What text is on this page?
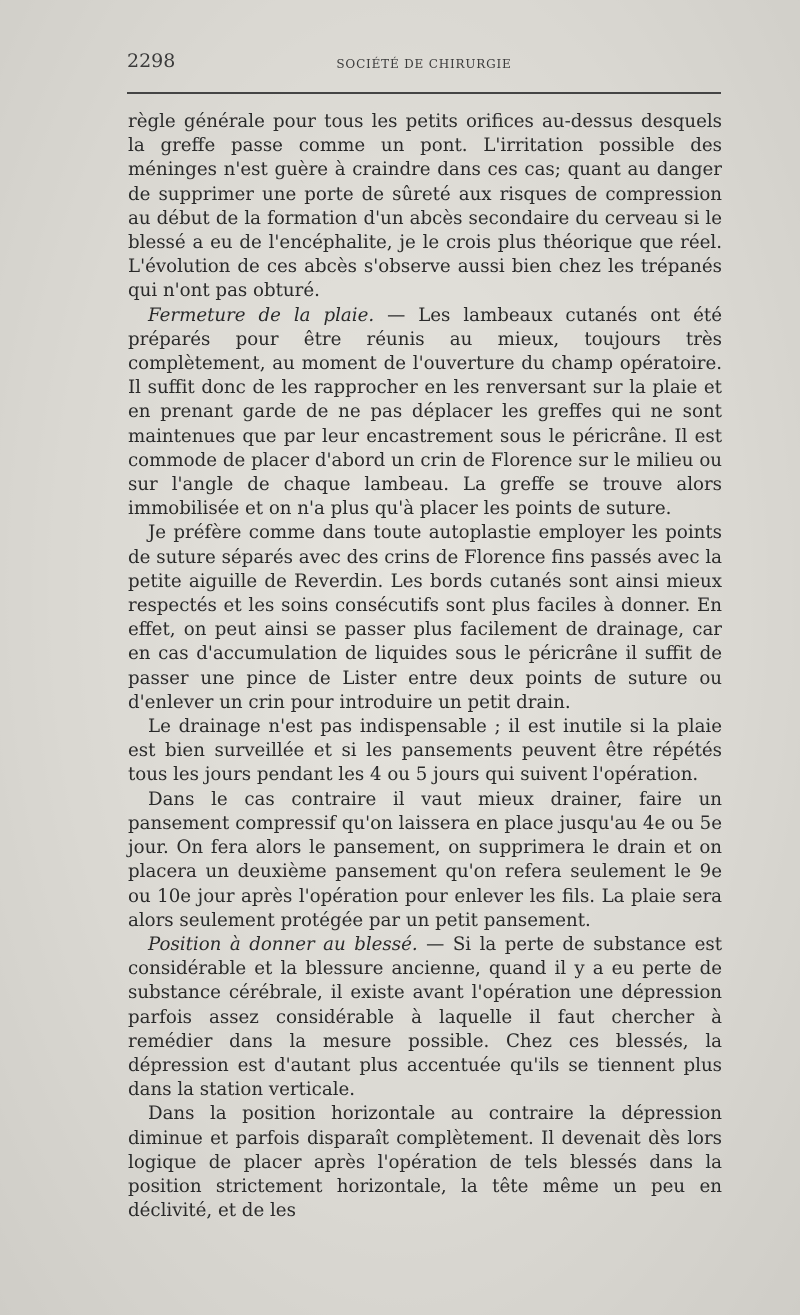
2298	SOCIÉTÉ DE CHIRURGIE

règle générale pour tous les petits orifices au-dessus desquels la greffe passe comme un pont. L'irritation possible des méninges n'est guère à craindre dans ces cas; quant au danger de supprimer une porte de sûreté aux risques de compression au début de la formation d'un abcès secondaire du cerveau si le blessé a eu de l'encéphalite, je le crois plus théorique que réel. L'évolution de ces abcès s'observe aussi bien chez les trépanés qui n'ont pas obturé.

Fermeture de la plaie. — Les lambeaux cutanés ont été préparés pour être réunis au mieux, toujours très complètement, au moment de l'ouverture du champ opératoire. Il suffit donc de les rapprocher en les renversant sur la plaie et en prenant garde de ne pas déplacer les greffes qui ne sont maintenues que par leur encastrement sous le péricrâne. Il est commode de placer d'abord un crin de Florence sur le milieu ou sur l'angle de chaque lambeau. La greffe se trouve alors immobilisée et on n'a plus qu'à placer les points de suture.

Je préfère comme dans toute autoplastie employer les points de suture séparés avec des crins de Florence fins passés avec la petite aiguille de Reverdin. Les bords cutanés sont ainsi mieux respectés et les soins consécutifs sont plus faciles à donner. En effet, on peut ainsi se passer plus facilement de drainage, car en cas d'accumulation de liquides sous le péricrâne il suffit de passer une pince de Lister entre deux points de suture ou d'enlever un crin pour introduire un petit drain.

Le drainage n'est pas indispensable ; il est inutile si la plaie est bien surveillée et si les pansements peuvent être répétés tous les jours pendant les 4 ou 5 jours qui suivent l'opération.

Dans le cas contraire il vaut mieux drainer, faire un pansement compressif qu'on laissera en place jusqu'au 4e ou 5e jour. On fera alors le pansement, on supprimera le drain et on placera un deuxième pansement qu'on refera seulement le 9e ou 10e jour après l'opération pour enlever les fils. La plaie sera alors seulement protégée par un petit pansement.

Position à donner au blessé. — Si la perte de substance est considérable et la blessure ancienne, quand il y a eu perte de substance cérébrale, il existe avant l'opération une dépression parfois assez considérable à laquelle il faut chercher à remédier dans la mesure possible. Chez ces blessés, la dépression est d'autant plus accentuée qu'ils se tiennent plus dans la station verticale.

Dans la position horizontale au contraire la dépression diminue et parfois disparaît complètement. Il devenait dès lors logique de placer après l'opération de tels blessés dans la position strictement horizontale, la tête même un peu en déclivité, et de les
